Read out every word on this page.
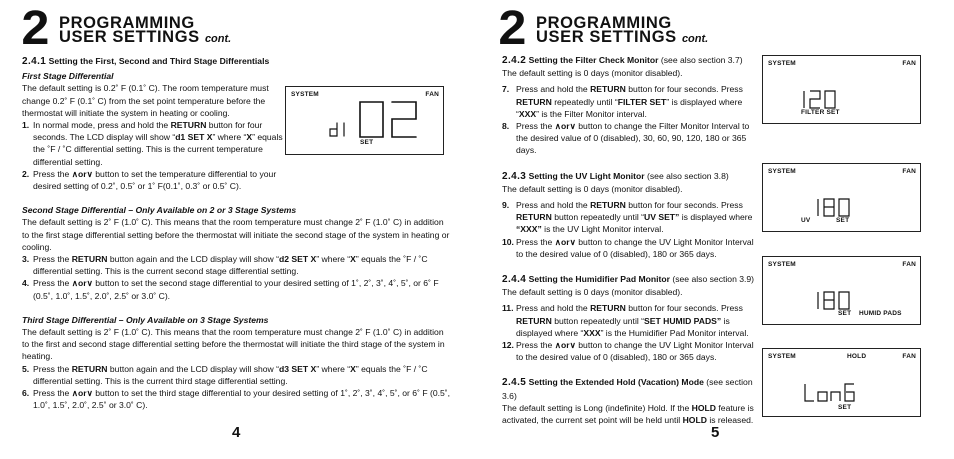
2 PROGRAMMING
USER SETTINGS cont.
SYSTEM	FAN
SET

2.4.1 Setting the First, Second and Third Stage Differentials

First Stage Differential

The default setting is 0.2˚ F (0.1˚ C). The room temperature must change 0.2˚ F (0.1˚ C) from the set point temperature before the thermostat will initiate the system in heating or cooling.

1. In normal mode, press and hold the RETURN button for four seconds. The LCD display will show “d1 SET X” where “X” equals the ˚F / ˚C differential setting. This is the current temperature differential setting.
2. Press the ∧or∨ button to set the temperature differential to your desired setting of 0.2˚, 0.5˚ or 1˚ F(0.1˚, 0.3˚ or 0.5˚ C).

Second Stage Differential – Only Available on 2 or 3 Stage Systems

The default setting is 2˚ F (1.0˚ C). This means that the room temperature must change 2˚ F (1.0˚ C) in addition to the first stage differential setting before the thermostat will initiate the second stage of the system in heating or cooling.

3. Press the RETURN button again and the LCD display will show “d2 SET X” where “X” equals the ˚F / ˚C differential setting. This is the current second stage differential setting.
4. Press the ∧or∨ button to set the second stage differential to your desired setting of 1˚, 2˚, 3˚, 4˚, 5˚, or 6˚ F (0.5˚, 1.0˚, 1.5˚, 2.0˚, 2.5˚ or 3.0˚ C).

Third Stage Differential – Only Available on 3 Stage Systems

The default setting is 2˚ F (1.0˚ C). This means that the room temperature must change 2˚ F (1.0˚ C) in addition to the first and second stage differential setting before the thermostat will initiate the third stage of the system in heating.

5. Press the RETURN button again and the LCD display will show “d3 SET X” where “X” equals the ˚F / ˚C differential setting. This is the current third stage differential setting.
6. Press the ∧or∨ button to set the third stage differential to your desired setting of 1˚, 2˚, 3˚, 4˚, 5˚, or 6˚ F (0.5˚, 1.0˚, 1.5˚, 2.0˚, 2.5˚ or 3.0˚ C).
4
2 PROGRAMMING
USER SETTINGS cont.
SYSTEM	FAN
FILTER SET
SYSTEM	FAN
UV	SET
SYSTEM	FAN
SET HUMID PADS
SYSTEM	HOLD	FAN
SET

2.4.2 Setting the Filter Check Monitor (see also section 3.7)

The default setting is 0 days (monitor disabled).

7. Press and hold the RETURN button for four seconds. Press RETURN repeatedly until “FILTER SET” is displayed where “XXX” is the Filter Monitor interval.
8. Press the ∧or∨ button to change the Filter Monitor Interval to the desired value of 0 (disabled), 30, 60, 90, 120, 180 or 365 days.

2.4.3 Setting the UV Light Monitor (see also section 3.8)

The default setting is 0 days (monitor disabled).

9. Press and hold the RETURN button for four seconds. Press RETURN button repeatedly until “UV SET” is displayed where “XXX” is the UV Light Monitor interval.
10. Press the ∧or∨ button to change the UV Light Monitor Interval to the desired value of 0 (disabled), 180 or 365 days.

2.4.4 Setting the Humidifier Pad Monitor (see also section 3.9)

The default setting is 0 days (monitor disabled).

11. Press and hold the RETURN button for four seconds. Press RETURN button repeatedly until “SET HUMID PADS” is displayed where “XXX” is the Humidifier Pad Monitor interval.
12. Press the ∧or∨ button to change the UV Light Monitor Interval to the desired value of 0 (disabled), 180 or 365 days.

2.4.5 Setting the Extended Hold (Vacation) Mode (see section 3.6)

The default setting is Long (indefinite) Hold. If the HOLD feature is activated, the current set point will be held until HOLD is released.

5
